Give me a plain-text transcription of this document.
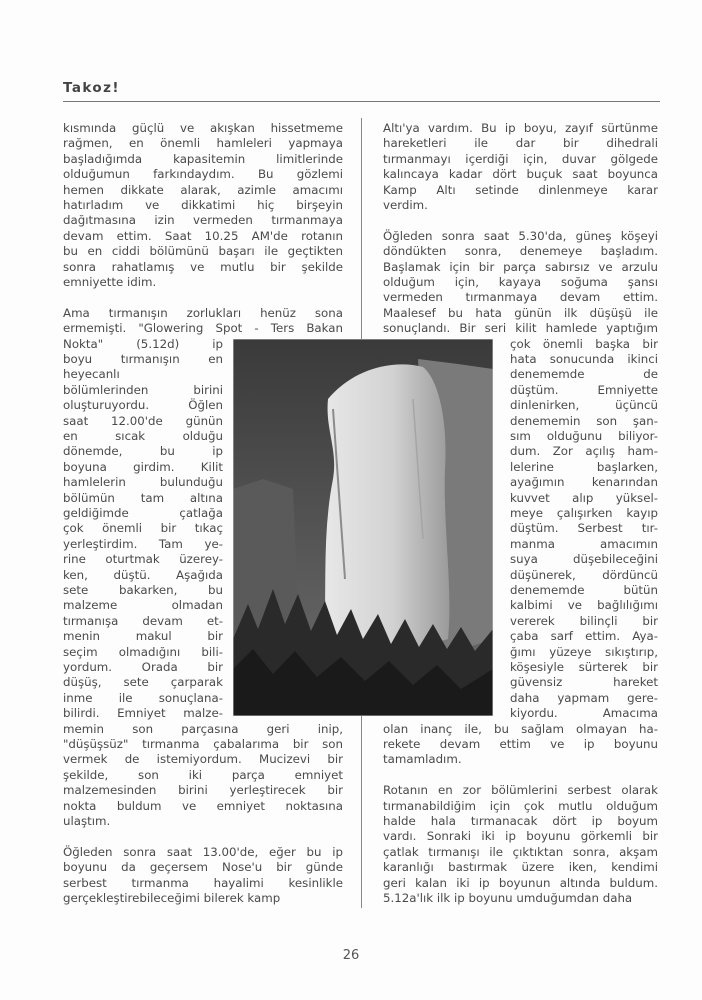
Takoz!
kısmında güçlü ve akışkan hissetmeme
rağmen, en önemli hamleleri yapmaya
başladığımda kapasitemin limitlerinde
olduğumun farkındaydım. Bu gözlemi
hemen dikkate alarak, azimle amacımı
hatırladım ve dikkatimi hiç birşeyin
dağıtmasına izin vermeden tırmanmaya
devam ettim. Saat 10.25 AM'de rotanın
bu en ciddi bölümünü başarı ile geçtikten
sonra rahatlamış ve mutlu bir şekilde
emniyette idim.
Ama tırmanışın zorlukları henüz sona
ermemişti. "Glowering Spot - Ters Bakan
Nokta" (5.12d) ip
boyu tırmanışın en
heyecanlı
bölümlerinden birini
oluşturuyordu. Öğlen
saat 12.00'de günün
en sıcak olduğu
dönemde, bu ip
boyuna girdim. Kilit
hamlelerin bulunduğu
bölümün tam altına
geldiğimde çatlağa
çok önemli bir tıkaç
yerleştirdim. Tam ye-
rine oturtmak üzerey-
ken, düştü. Aşağıda
sete bakarken, bu
malzeme olmadan
tırmanışa devam et-
menin makul bir
seçim olmadığını bili-
yordum. Orada bir
düşüş, sete çarparak
inme ile sonuçlana-
bilirdi. Emniyet malze-
memin son parçasına geri inip,
"düşüşsüz" tırmanma çabalarıma bir son
vermek de istemiyordum. Mucizevi bir
şekilde, son iki parça emniyet
malzemesinden birini yerleştirecek bir
nokta buldum ve emniyet noktasına
ulaştım.
Öğleden sonra saat 13.00'de, eğer bu ip
boyunu da geçersem Nose'u bir günde
serbest tırmanma hayalimi kesinlikle
gerçekleştirebileceğimi bilerek kamp
Altı'ya vardım. Bu ip boyu, zayıf sürtünme
hareketleri ile dar bir dihedrali
tırmanmayı içerdiği için, duvar gölgede
kalıncaya kadar dört buçuk saat boyunca
Kamp Altı setinde dinlenmeye karar
verdim.
Öğleden sonra saat 5.30'da, güneş köşeyi
döndükten sonra, denemeye başladım.
Başlamak için bir parça sabırsız ve arzulu
olduğum için, kayaya soğuma şansı
vermeden tırmanmaya devam ettim.
Maalesef bu hata günün ilk düşüşü ile
sonuçlandı. Bir seri kilit hamlede yaptığım
çok önemli başka bir
hata sonucunda ikinci
denememde de
düştüm. Emniyette
dinlenirken, üçüncü
denememin son şan-
sım olduğunu biliyor-
dum. Zor açılış ham-
lelerine başlarken,
ayağımın kenarından
kuvvet alıp yüksel-
meye çalışırken kayıp
düştüm. Serbest tır-
manma amacımın
suya düşebileceğini
düşünerek, dördüncü
denememde bütün
kalbimi ve bağlılığımı
vererek bilinçli bir
çaba sarf ettim. Aya-
ğımı yüzeye sıkıştırıp,
köşesiyle sürterek bir
güvensiz hareket
daha yapmam gere-
kiyordu. Amacıma
olan inanç ile, bu sağlam olmayan ha-
rekete devam ettim ve ip boyunu
tamamladım.
Rotanın en zor bölümlerini serbest olarak
tırmanabildiğim için çok mutlu olduğum
halde hala tırmanacak dört ip boyum
vardı. Sonraki iki ip boyunu görkemli bir
çatlak tırmanışı ile çıktıktan sonra, akşam
karanlığı bastırmak üzere iken, kendimi
geri kalan iki ip boyunun altında buldum.
5.12a'lık ilk ip boyunu umduğumdan daha
26
